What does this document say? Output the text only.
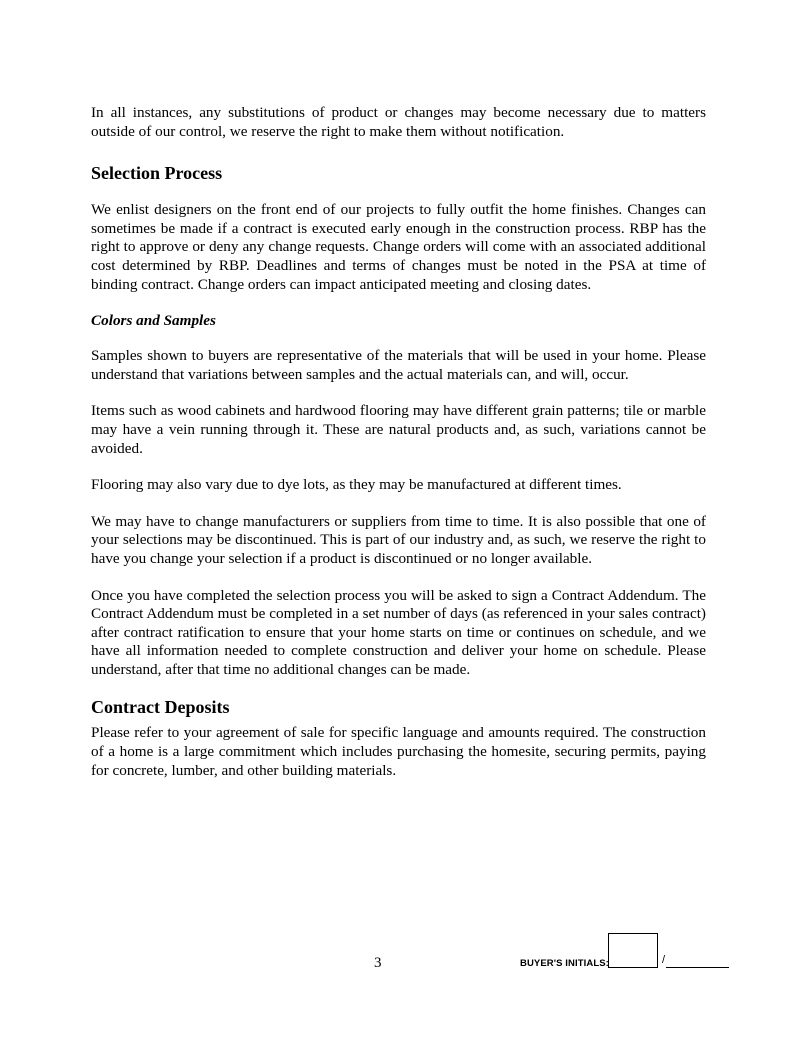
In all instances, any substitutions of product or changes may become necessary due to matters outside of our control, we reserve the right to make them without notification.

Selection Process

We enlist designers on the front end of our projects to fully outfit the home finishes. Changes can sometimes be made if a contract is executed early enough in the construction process. RBP has the right to approve or deny any change requests. Change orders will come with an associated additional cost determined by RBP. Deadlines and terms of changes must be noted in the PSA at time of binding contract. Change orders can impact anticipated meeting and closing dates.

Colors and Samples

Samples shown to buyers are representative of the materials that will be used in your home. Please understand that variations between samples and the actual materials can, and will, occur.

Items such as wood cabinets and hardwood flooring may have different grain patterns; tile or marble may have a vein running through it. These are natural products and, as such, variations cannot be avoided.

Flooring may also vary due to dye lots, as they may be manufactured at different times.

We may have to change manufacturers or suppliers from time to time. It is also possible that one of your selections may be discontinued. This is part of our industry and, as such, we reserve the right to have you change your selection if a product is discontinued or no longer available.

Once you have completed the selection process you will be asked to sign a Contract Addendum. The Contract Addendum must be completed in a set number of days (as referenced in your sales contract) after contract ratification to ensure that your home starts on time or continues on schedule, and we have all information needed to complete construction and deliver your home on schedule. Please understand, after that time no additional changes can be made.

Contract Deposits

Please refer to your agreement of sale for specific language and amounts required. The construction of a home is a large commitment which includes purchasing the homesite, securing permits, paying for concrete, lumber, and other building materials.

3	BUYER'S INITIALS:	/
